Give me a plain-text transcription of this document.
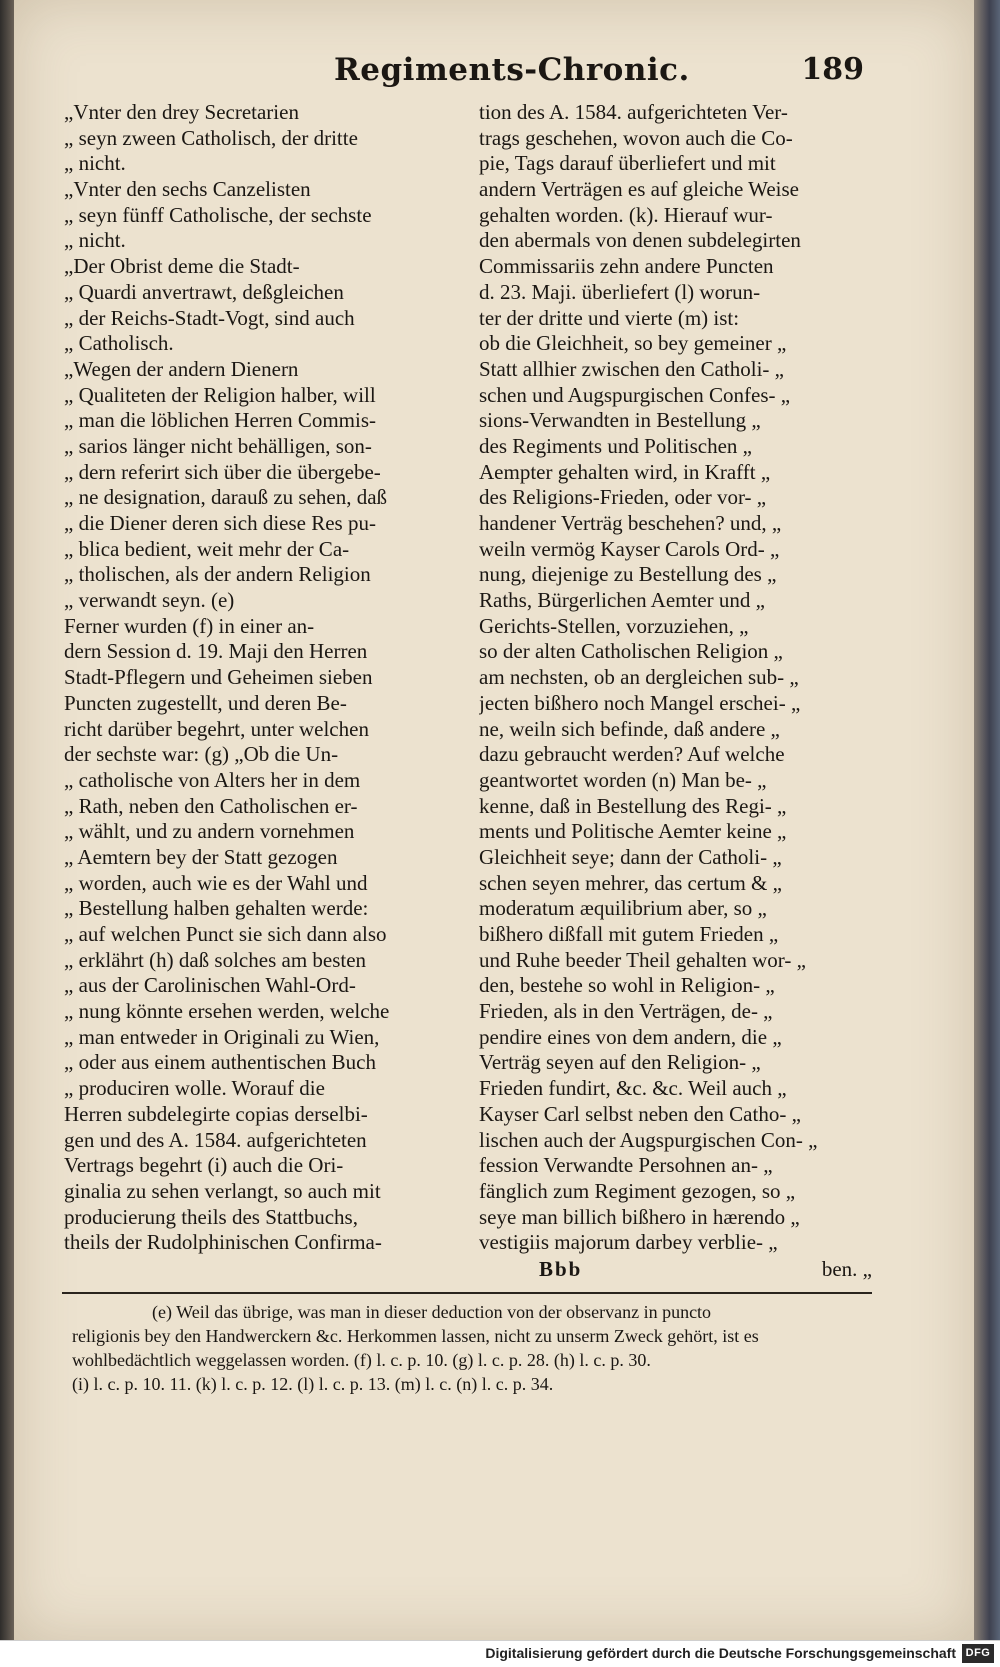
Regiments-Chronic.	189
„Vnter den drey Secretarien
„ seyn zween Catholisch, der dritte
„ nicht.
„Vnter den sechs Canzelisten
„ seyn fünff Catholische, der sechste
„ nicht.
„Der Obrist deme die Stadt-
„ Quardi anvertrawt, deßgleichen
„ der Reichs-Stadt-Vogt, sind auch
„ Catholisch.
„Wegen der andern Dienern
„ Qualiteten der Religion halber, will
„ man die löblichen Herren Commis-
„ sarios länger nicht behälligen, son-
„ dern referirt sich über die übergebe-
„ ne designation, darauß zu sehen, daß
„ die Diener deren sich diese Res pu-
„ blica bedient, weit mehr der Ca-
„ tholischen, als der andern Religion
„ verwandt seyn. (e)
Ferner wurden (f) in einer an-
dern Session d. 19. Maji den Herren
Stadt-Pflegern und Geheimen sieben
Puncten zugestellt, und deren Be-
richt darüber begehrt, unter welchen
der sechste war: (g) „Ob die Un-
„ catholische von Alters her in dem
„ Rath, neben den Catholischen er-
„ wählt, und zu andern vornehmen
„ Aemtern bey der Statt gezogen
„ worden, auch wie es der Wahl und
„ Bestellung halben gehalten werde:
„ auf welchen Punct sie sich dann also
„ erklährt (h) daß solches am besten
„ aus der Carolinischen Wahl-Ord-
„ nung könnte ersehen werden, welche
„ man entweder in Originali zu Wien,
„ oder aus einem authentischen Buch
„ produciren wolle. Worauf die
Herren subdelegirte copias derselbi-
gen und des A. 1584. aufgerichteten
Vertrags begehrt (i) auch die Ori-
ginalia zu sehen verlangt, so auch mit
producierung theils des Stattbuchs,
theils der Rudolphinischen Confirma-
tion des A. 1584. aufgerichteten Ver-
trags geschehen, wovon auch die Co-
pie, Tags darauf überliefert und mit
andern Verträgen es auf gleiche Weise
gehalten worden. (k). Hierauf wur-
den abermals von denen subdelegirten
Commissariis zehn andere Puncten
d. 23. Maji. überliefert (l) worun-
ter der dritte und vierte (m) ist:
ob die Gleichheit, so bey gemeiner „
Statt allhier zwischen den Catholi- „
schen und Augspurgischen Confes- „
sions-Verwandten in Bestellung „
des Regiments und Politischen „
Aempter gehalten wird, in Krafft „
des Religions-Frieden, oder vor- „
handener Verträg beschehen? und, „
weiln vermög Kayser Carols Ord- „
nung, diejenige zu Bestellung des „
Raths, Bürgerlichen Aemter und „
Gerichts-Stellen, vorzuziehen, „
so der alten Catholischen Religion „
am nechsten, ob an dergleichen sub- „
jecten bißhero noch Mangel erschei- „
ne, weiln sich befinde, daß andere „
dazu gebraucht werden? Auf welche
geantwortet worden (n) Man be- „
kenne, daß in Bestellung des Regi- „
ments und Politische Aemter keine „
Gleichheit seye; dann der Catholi- „
schen seyen mehrer, das certum & „
moderatum æquilibrium aber, so „
bißhero dißfall mit gutem Frieden „
und Ruhe beeder Theil gehalten wor- „
den, bestehe so wohl in Religion- „
Frieden, als in den Verträgen, de- „
pendire eines von dem andern, die „
Verträg seyen auf den Religion- „
Frieden fundirt, &c. &c. Weil auch „
Kayser Carl selbst neben den Catho- „
lischen auch der Augspurgischen Con- „
fession Verwandte Persohnen an- „
fänglich zum Regiment gezogen, so „
seye man billich bißhero in hærendo „
vestigiis majorum darbey verblie- „
Bbb	ben. „
(e) Weil das übrige, was man in dieser deduction von der observanz in puncto
religionis bey den Handwerckern &c. Herkommen lassen, nicht zu unserm Zweck gehört, ist es
wohlbedächtlich weggelassen worden. (f) l. c. p. 10. (g) l. c. p. 28. (h) l. c. p. 30.
(i) l. c. p. 10. 11. (k) l. c. p. 12. (l) l. c. p. 13. (m) l. c. (n) l. c. p. 34.
Digitalisierung gefördert durch die Deutsche Forschungsgemeinschaft DFG
